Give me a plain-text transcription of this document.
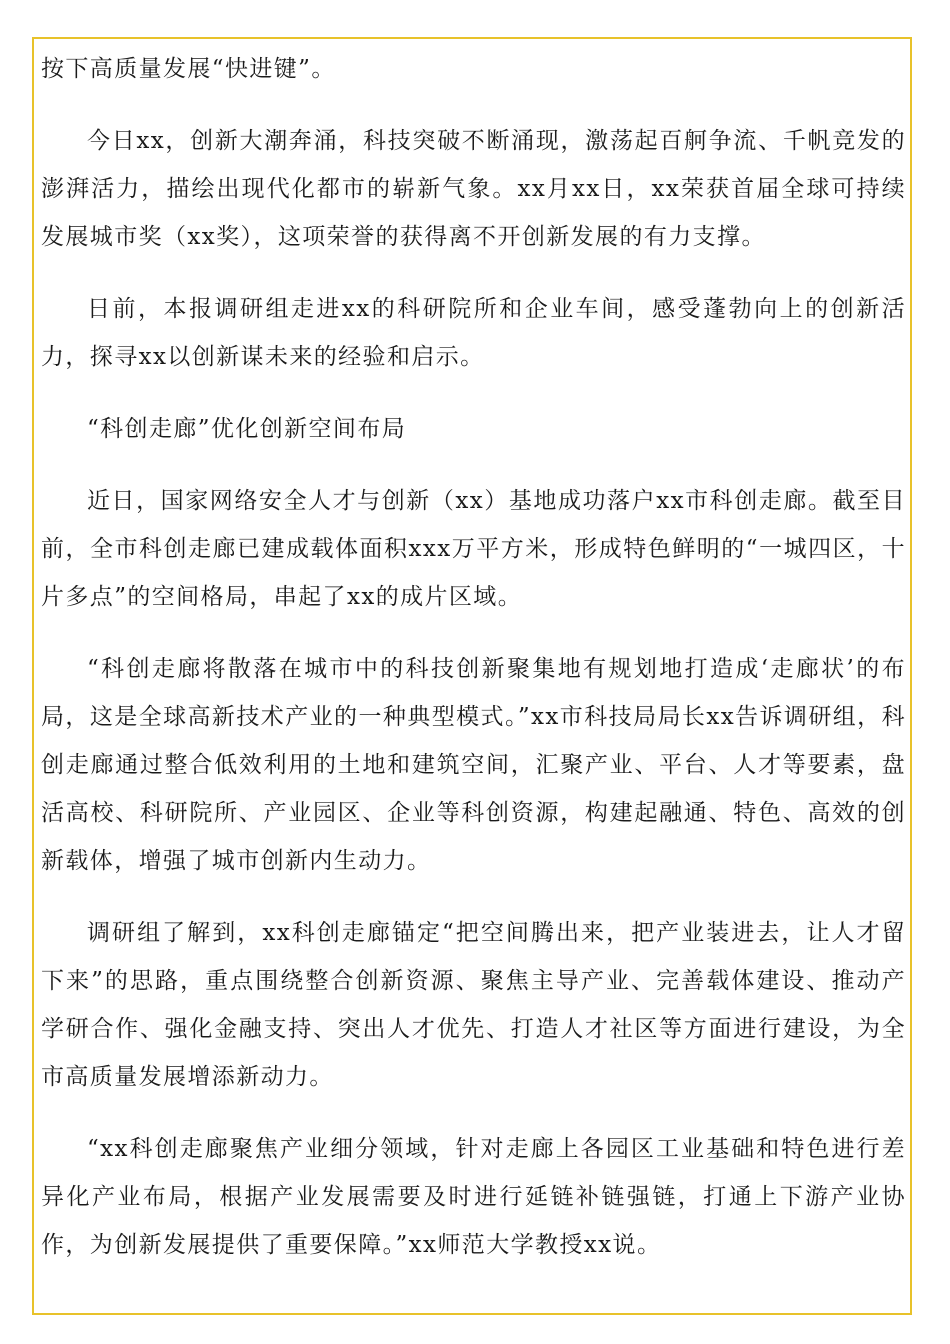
按下高质量发展“快进键”。

今日xx，创新大潮奔涌，科技突破不断涌现，激荡起百舸争流、千帆竞发的澎湃活力，描绘出现代化都市的崭新气象。xx月xx日，xx荣获首届全球可持续发展城市奖（xx奖），这项荣誉的获得离不开创新发展的有力支撑。

日前，本报调研组走进xx的科研院所和企业车间，感受蓬勃向上的创新活力，探寻xx以创新谋未来的经验和启示。

“科创走廊”优化创新空间布局

近日，国家网络安全人才与创新（xx）基地成功落户xx市科创走廊。截至目前，全市科创走廊已建成载体面积xxx万平方米，形成特色鲜明的“一城四区，十片多点”的空间格局，串起了xx的成片区域。

“科创走廊将散落在城市中的科技创新聚集地有规划地打造成‘走廊状’的布局，这是全球高新技术产业的一种典型模式。”xx市科技局局长xx告诉调研组，科创走廊通过整合低效利用的土地和建筑空间，汇聚产业、平台、人才等要素，盘活高校、科研院所、产业园区、企业等科创资源，构建起融通、特色、高效的创新载体，增强了城市创新内生动力。

调研组了解到，xx科创走廊锚定“把空间腾出来，把产业装进去，让人才留下来”的思路，重点围绕整合创新资源、聚焦主导产业、完善载体建设、推动产学研合作、强化金融支持、突出人才优先、打造人才社区等方面进行建设，为全市高质量发展增添新动力。

“xx科创走廊聚焦产业细分领域，针对走廊上各园区工业基础和特色进行差异化产业布局，根据产业发展需要及时进行延链补链强链，打通上下游产业协作，为创新发展提供了重要保障。”xx师范大学教授xx说。
